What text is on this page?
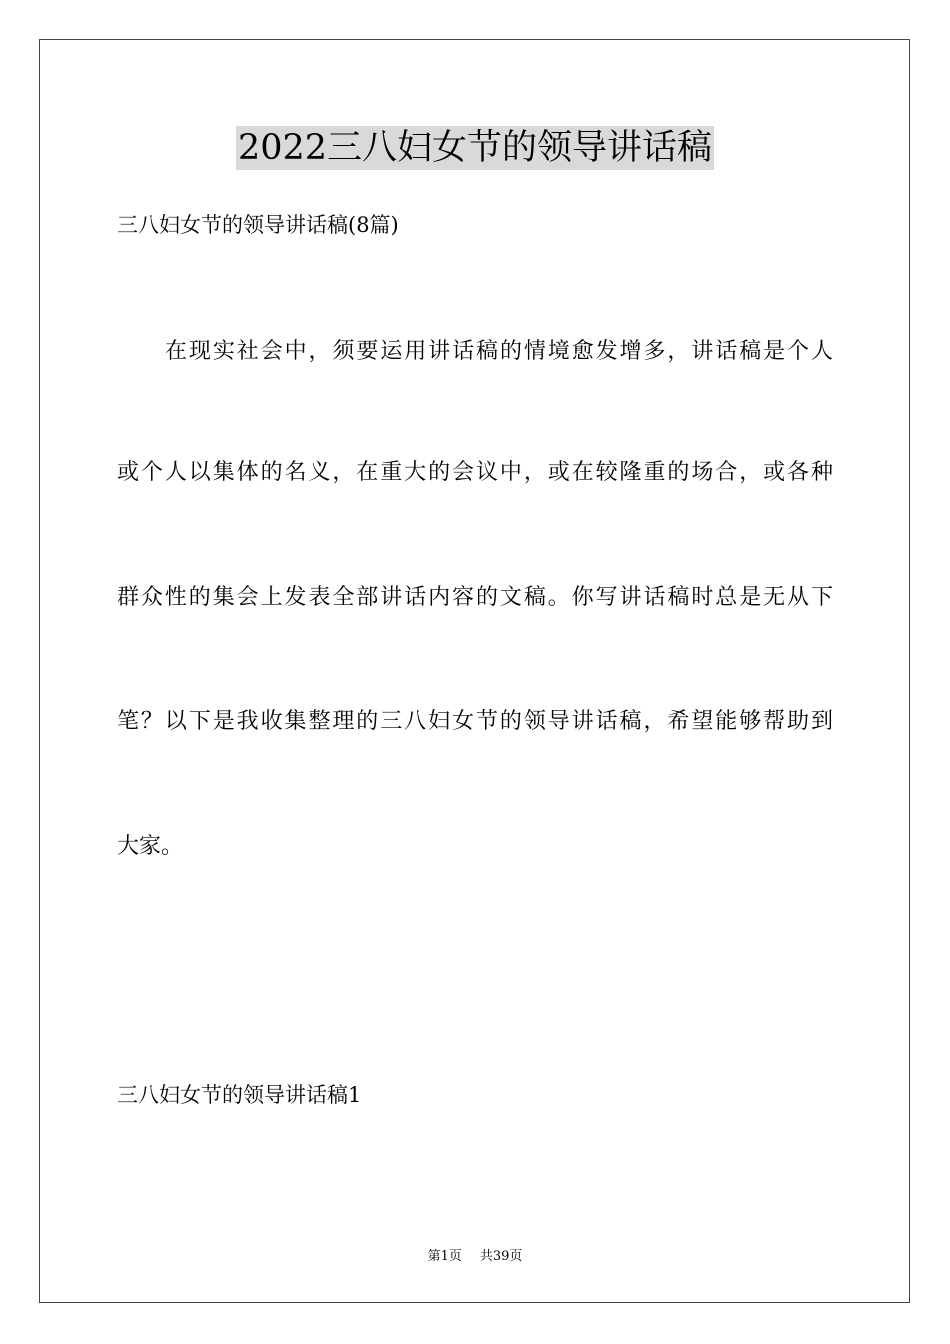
2022三八妇女节的领导讲话稿
三八妇女节的领导讲话稿(8篇)
在现实社会中，须要运用讲话稿的情境愈发增多，讲话稿是个人
或个人以集体的名义，在重大的会议中，或在较隆重的场合，或各种
群众性的集会上发表全部讲话内容的文稿。你写讲话稿时总是无从下
笔？以下是我收集整理的三八妇女节的领导讲话稿，希望能够帮助到
大家。
三八妇女节的领导讲话稿1
第1页 共39页
